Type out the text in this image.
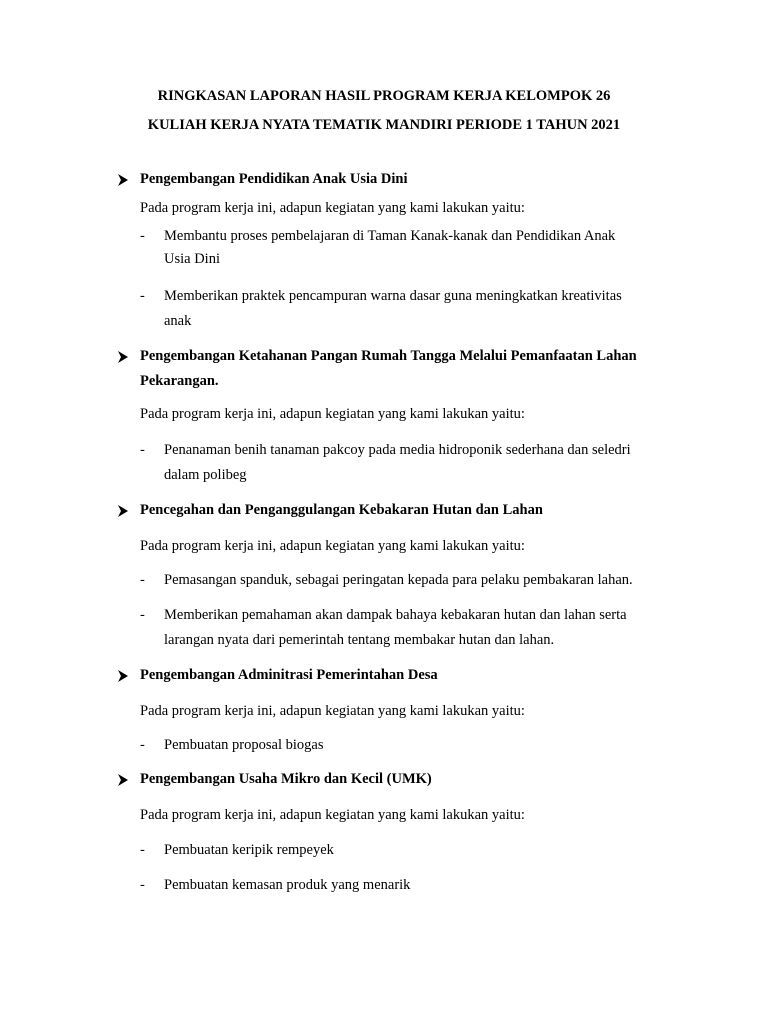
RINGKASAN LAPORAN HASIL PROGRAM KERJA KELOMPOK 26
KULIAH KERJA NYATA TEMATIK MANDIRI PERIODE 1 TAHUN 2021
Pengembangan Pendidikan Anak Usia Dini
Pada program kerja ini, adapun kegiatan yang kami lakukan yaitu:
- Membantu proses pembelajaran di Taman Kanak-kanak dan Pendidikan Anak
Usia Dini
- Memberikan praktek pencampuran warna dasar guna meningkatkan kreativitas
anak
Pengembangan Ketahanan Pangan Rumah Tangga Melalui Pemanfaatan Lahan
Pekarangan.
Pada program kerja ini, adapun kegiatan yang kami lakukan yaitu:
- Penanaman benih tanaman pakcoy pada media hidroponik sederhana dan seledri
dalam polibeg
Pencegahan dan Penganggulangan Kebakaran Hutan dan Lahan
Pada program kerja ini, adapun kegiatan yang kami lakukan yaitu:
- Pemasangan spanduk, sebagai peringatan kepada para pelaku pembakaran lahan.
- Memberikan pemahaman akan dampak bahaya kebakaran hutan dan lahan serta
larangan nyata dari pemerintah tentang membakar hutan dan lahan.
Pengembangan Adminitrasi Pemerintahan Desa
Pada program kerja ini, adapun kegiatan yang kami lakukan yaitu:
- Pembuatan proposal biogas
Pengembangan Usaha Mikro dan Kecil (UMK)
Pada program kerja ini, adapun kegiatan yang kami lakukan yaitu:
- Pembuatan keripik rempeyek
- Pembuatan kemasan produk yang menarik
